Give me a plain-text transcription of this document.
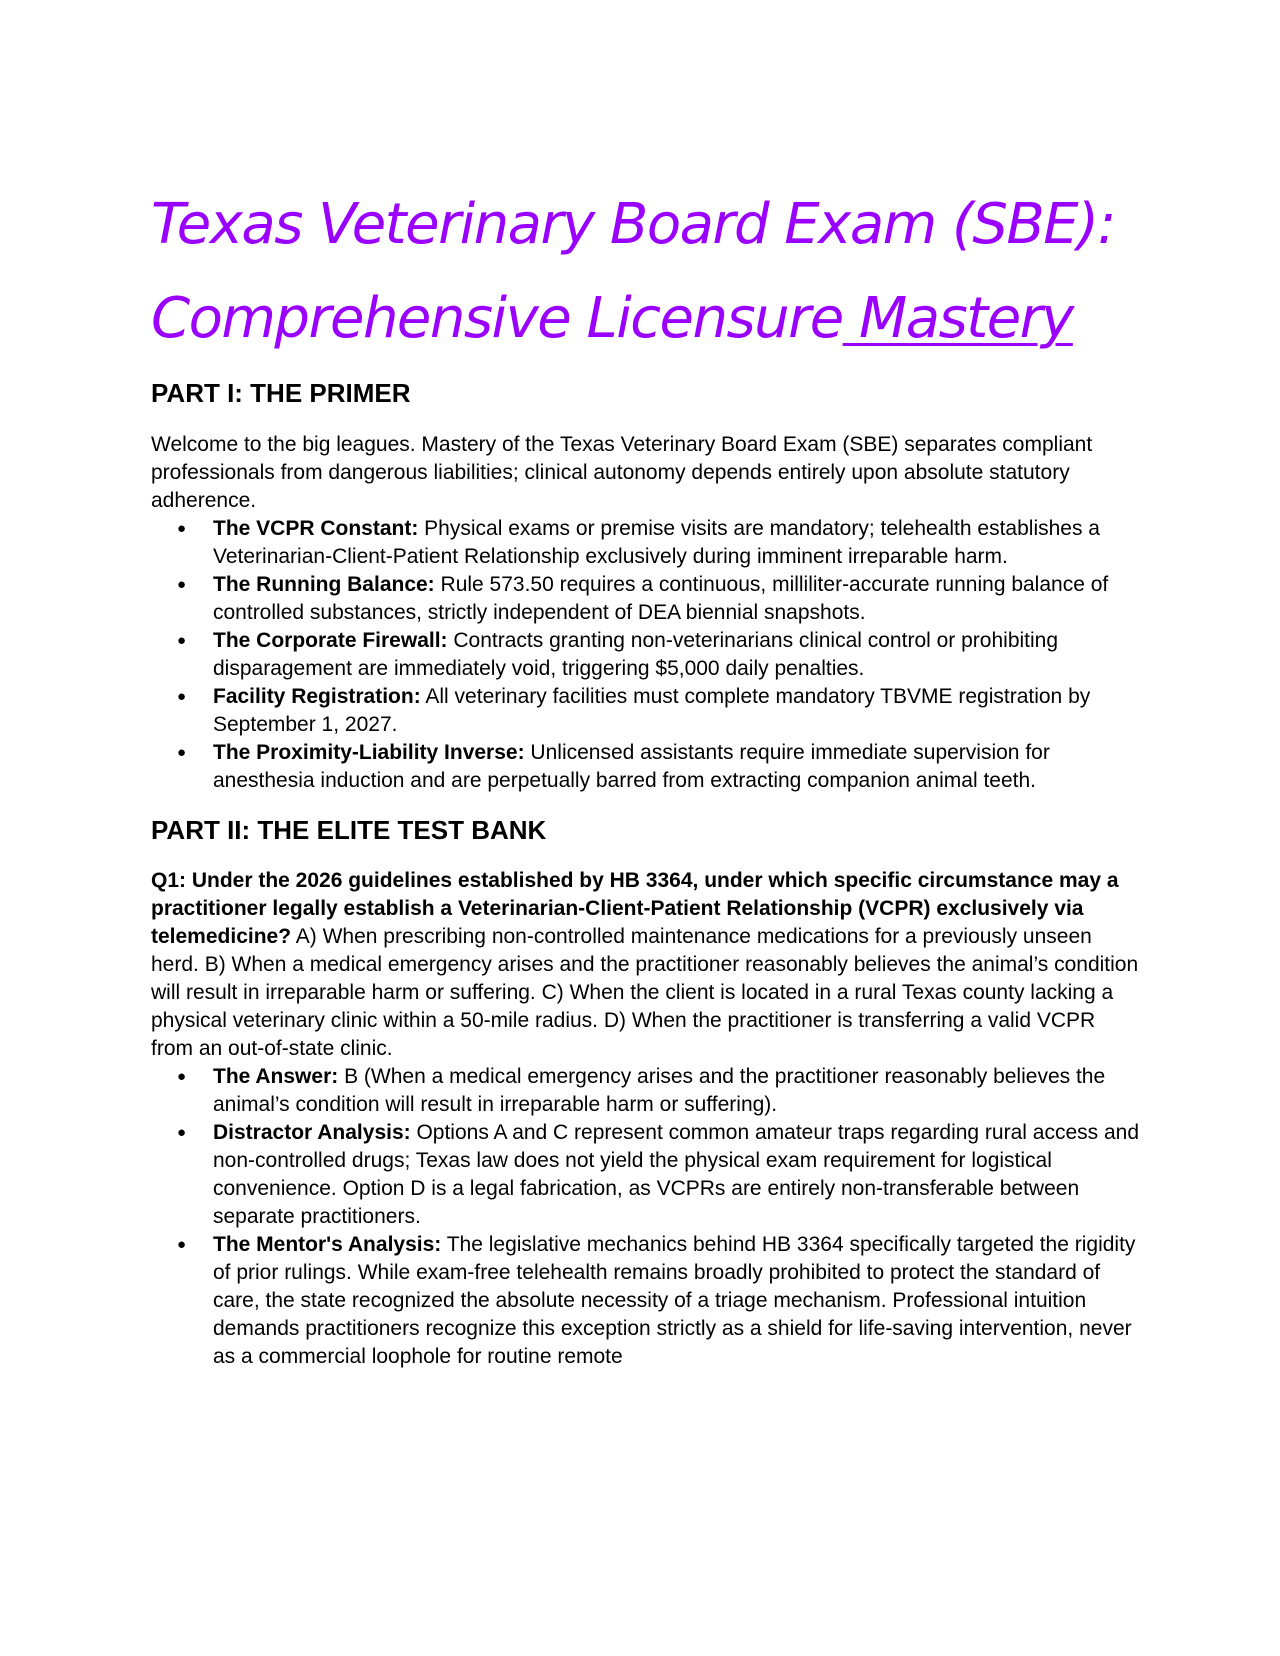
Texas Veterinary Board Exam (SBE):
Comprehensive Licensure Mastery
PART I: THE PRIMER

Welcome to the big leagues. Mastery of the Texas Veterinary Board Exam (SBE) separates compliant professionals from dangerous liabilities; clinical autonomy depends entirely upon absolute statutory adherence.

● The VCPR Constant: Physical exams or premise visits are mandatory; telehealth establishes a Veterinarian-Client-Patient Relationship exclusively during imminent irreparable harm.
● The Running Balance: Rule 573.50 requires a continuous, milliliter-accurate running balance of controlled substances, strictly independent of DEA biennial snapshots.
● The Corporate Firewall: Contracts granting non-veterinarians clinical control or prohibiting disparagement are immediately void, triggering $5,000 daily penalties.
● Facility Registration: All veterinary facilities must complete mandatory TBVME registration by September 1, 2027.
● The Proximity-Liability Inverse: Unlicensed assistants require immediate supervision for anesthesia induction and are perpetually barred from extracting companion animal teeth.
PART II: THE ELITE TEST BANK

Q1: Under the 2026 guidelines established by HB 3364, under which specific circumstance may a practitioner legally establish a Veterinarian-Client-Patient Relationship (VCPR) exclusively via telemedicine? A) When prescribing non-controlled maintenance medications for a previously unseen herd. B) When a medical emergency arises and the practitioner reasonably believes the animal’s condition will result in irreparable harm or suffering. C) When the client is located in a rural Texas county lacking a physical veterinary clinic within a 50-mile radius. D) When the practitioner is transferring a valid VCPR from an out-of-state clinic.

● The Answer: B (When a medical emergency arises and the practitioner reasonably believes the animal’s condition will result in irreparable harm or suffering).
● Distractor Analysis: Options A and C represent common amateur traps regarding rural access and non-controlled drugs; Texas law does not yield the physical exam requirement for logistical convenience. Option D is a legal fabrication, as VCPRs are entirely non-transferable between separate practitioners.
● The Mentor's Analysis: The legislative mechanics behind HB 3364 specifically targeted the rigidity of prior rulings. While exam-free telehealth remains broadly prohibited to protect the standard of care, the state recognized the absolute necessity of a triage mechanism. Professional intuition demands practitioners recognize this exception strictly as a shield for life-saving intervention, never as a commercial loophole for routine remote
